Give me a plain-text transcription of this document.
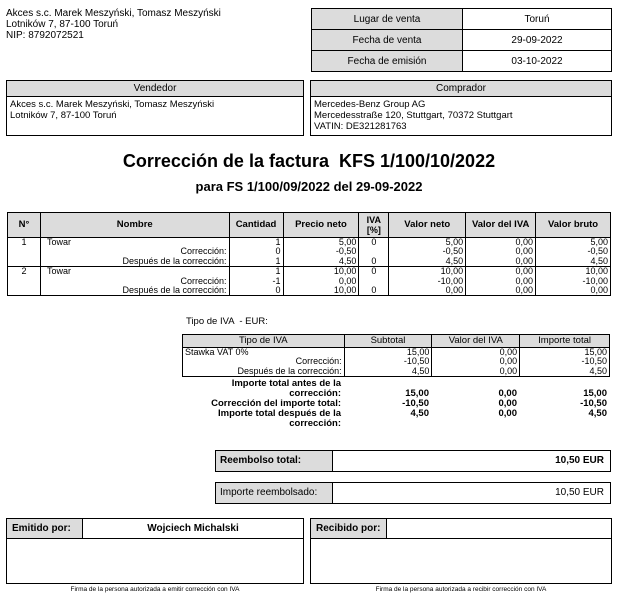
Akces s.c. Marek Meszyński, Tomasz Meszyński
Lotników 7, 87-100 Toruń
NIP: 8792072521
Lugar de venta	Toruń
Fecha de venta	29-09-2022
Fecha de emisión	03-10-2022
Vendedor
Akces s.c. Marek Meszyński, Tomasz Meszyński
Lotników 7, 87-100 Toruń
Comprador
Mercedes-Benz Group AG
Mercedesstraße 120, Stuttgart, 70372 Stuttgart
VATIN: DE321281763
Corrección de la factura  KFS 1/100/10/2022
para FS 1/100/09/2022 del 29-09-2022
N°	Nombre	Cantidad	Precio neto	IVA [%]	Valor neto	Valor del IVA	Valor bruto
1	Towar	1	5,00	0	5,00	0,00	5,00
	Corrección:	0	-0,50		-0,50	0,00	-0,50
	Después de la corrección:	1	4,50	0	4,50	0,00	4,50
2	Towar	1	10,00	0	10,00	0,00	10,00
	Corrección:	-1	0,00		-10,00	0,00	-10,00
	Después de la corrección:	0	10,00	0	0,00	0,00	0,00
Tipo de IVA  - EUR:
Tipo de IVA	Subtotal	Valor del IVA	Importe total
Stawka VAT 0%	15,00	0,00	15,00
Corrección:	-10,50	0,00	-10,50
Después de la corrección:	4,50	0,00	4,50
Importe total antes de la
corrección:	15,00	0,00	15,00

Corrección del importe total:	-10,50	0,00	-10,50

Importe total después de la
corrección:	4,50	0,00	4,50
Reembolso total:	10,50 EUR
Importe reembolsado:	10,50 EUR
Emitido por:	Wojciech Michalski	Recibido por:
Firma de la persona autorizada a emitir corrección con IVA	Firma de la persona autorizada a recibir corrección con IVA
